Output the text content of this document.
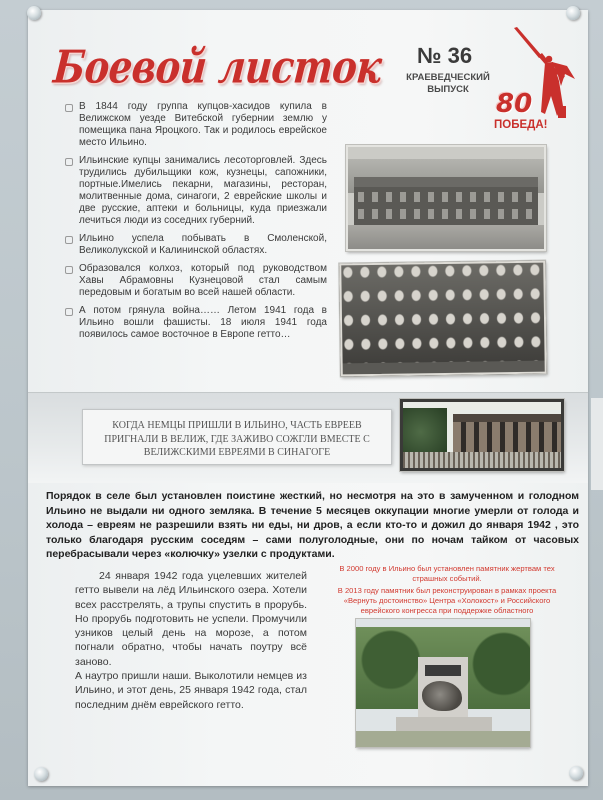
Боевой листок № 36
КРАЕВЕДЧЕСКИЙ
ВЫПУСК	80
ПОБЕДА!
В 1844 году группа купцов-хасидов купила в Велижском уезде Витебской губернии землю у помещика пана Яроцкого. Так и родилось еврейское место Ильино.
Ильинские купцы занимались лесоторговлей. Здесь трудились дубильщики кож, кузнецы, сапожники, портные.Имелись пекарни, магазины, ресторан, молитвенные дома, синагоги, 2 еврейские школы и две русские, аптеки и больницы, куда приезжали лечиться люди из соседних губерний.
Ильино успела побывать в Смоленской, Великолукской и Калининской областях.
Образовался колхоз, который под руководством Хавы Абрамовны Кузнецовой стал самым передовым и богатым во всей нашей области.
А потом грянула война…… Летом 1941 года в Ильино вошли фашисты. 18 июля 1941 года появилось самое восточное в Европе гетто…
КОГДА НЕМЦЫ ПРИШЛИ В ИЛЬИНО, ЧАСТЬ ЕВРЕЕВ ПРИГНАЛИ В ВЕЛИЖ, ГДЕ ЗАЖИВО СОЖГЛИ ВМЕСТЕ С ВЕЛИЖСКИМИ ЕВРЕЯМИ В СИНАГОГЕ
Порядок в селе был установлен поистине жесткий, но несмотря на это в замученном и голодном Ильино не выдали ни одного земляка. В течение 5 месяцев оккупации многие умерли от голода и холода – евреям не разрешили взять ни еды, ни дров, а если кто-то и дожил до января 1942 , это только благодаря русским соседям – сами полуголодные, они по ночам тайком от часовых перебрасывали через «колючку» узелки с продуктами.

24 января 1942 года уцелевших жителей гетто вывели на лёд Ильинского озера. Хотели всех расстрелять, а трупы спустить в прорубь. Но прорубь подготовить не успели. Промучили узников целый день на морозе, а потом погнали обратно, чтобы начать поутру всё заново.

А наутро пришли наши. Выколотили немцев из Ильино, и этот день, 25 января 1942 года, стал последним днём еврейского гетто.

В 2000 году в Ильино был установлен памятник жертвам тех страшных событий.

В 2013 году памятник был реконструирован в рамках проекта «Вернуть достоинство» Центра «Холокост» и Российского еврейского конгресса при поддержке областного
